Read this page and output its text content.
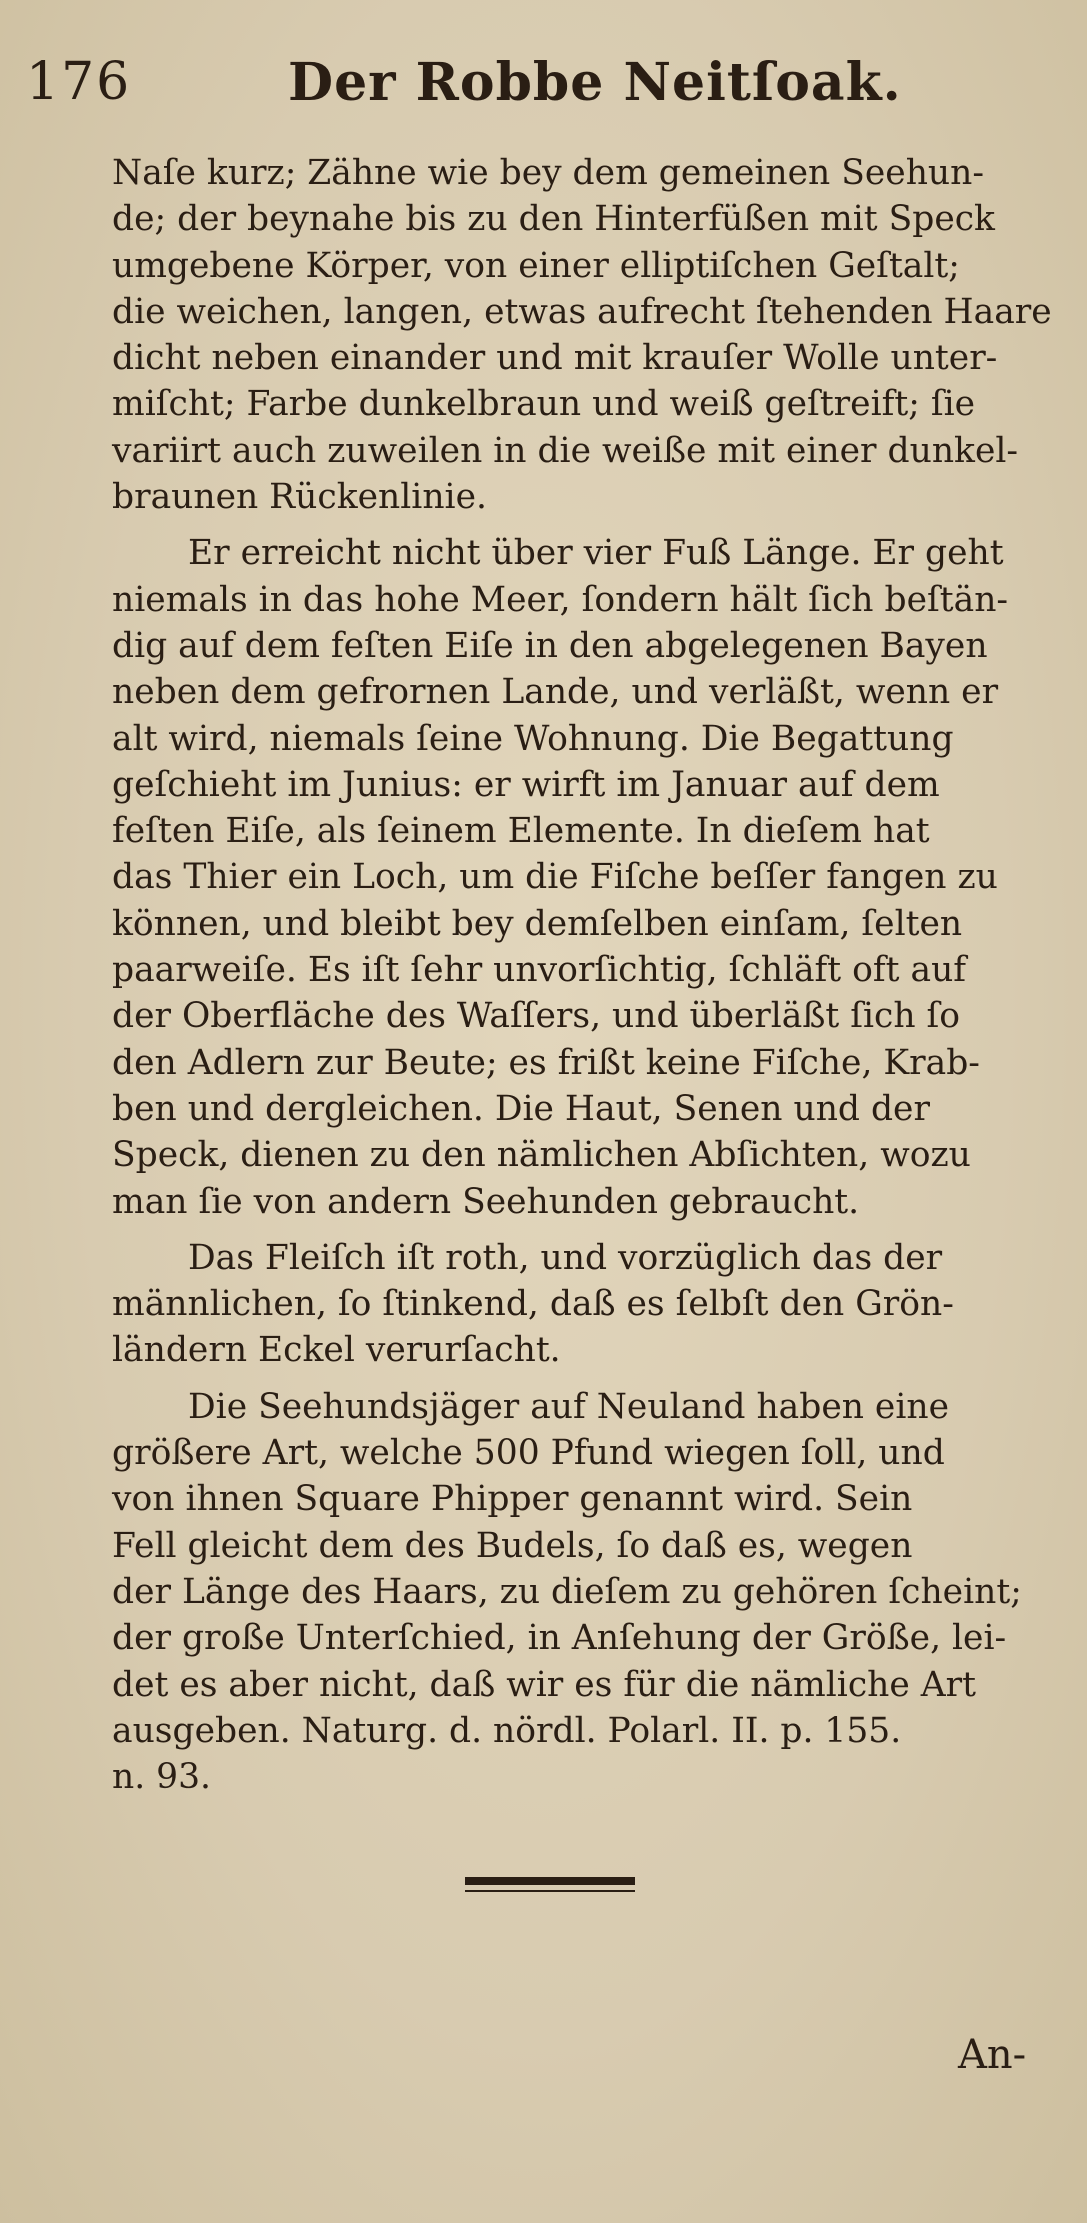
176	Der Robbe Neitſoak.
Naſe kurz; Zähne wie bey dem gemeinen Seehun-
de; der beynahe bis zu den Hinterfüßen mit Speck
umgebene Körper, von einer elliptiſchen Geſtalt;
die weichen, langen, etwas aufrecht ſtehenden Haare
dicht neben einander und mit krauſer Wolle unter-
miſcht; Farbe dunkelbraun und weiß geſtreift; ſie
variirt auch zuweilen in die weiße mit einer dunkel-
braunen Rückenlinie.
Er erreicht nicht über vier Fuß Länge. Er geht
niemals in das hohe Meer, ſondern hält ſich beſtän-
dig auf dem feſten Eiſe in den abgelegenen Bayen
neben dem gefrornen Lande, und verläßt, wenn er
alt wird, niemals ſeine Wohnung. Die Begattung
geſchieht im Junius: er wirft im Januar auf dem
feſten Eiſe, als ſeinem Elemente. In dieſem hat
das Thier ein Loch, um die Fiſche beſſer fangen zu
können, und bleibt bey demſelben einſam, ſelten
paarweiſe. Es iſt ſehr unvorſichtig, ſchläft oft auf
der Oberfläche des Waſſers, und überläßt ſich ſo
den Adlern zur Beute; es frißt keine Fiſche, Krab-
ben und dergleichen. Die Haut, Senen und der
Speck, dienen zu den nämlichen Abſichten, wozu
man ſie von andern Seehunden gebraucht.
Das Fleiſch iſt roth, und vorzüglich das der
männlichen, ſo ſtinkend, daß es ſelbſt den Grön-
ländern Eckel verurſacht.
Die Seehundsjäger auf Neuland haben eine
größere Art, welche 500 Pfund wiegen ſoll, und
von ihnen Square Phipper genannt wird. Sein
Fell gleicht dem des Budels, ſo daß es, wegen
der Länge des Haars, zu dieſem zu gehören ſcheint;
der große Unterſchied, in Anſehung der Größe, lei-
det es aber nicht, daß wir es für die nämliche Art
ausgeben. Naturg. d. nördl. Polarl. II. p. 155.
n. 93.
An-
